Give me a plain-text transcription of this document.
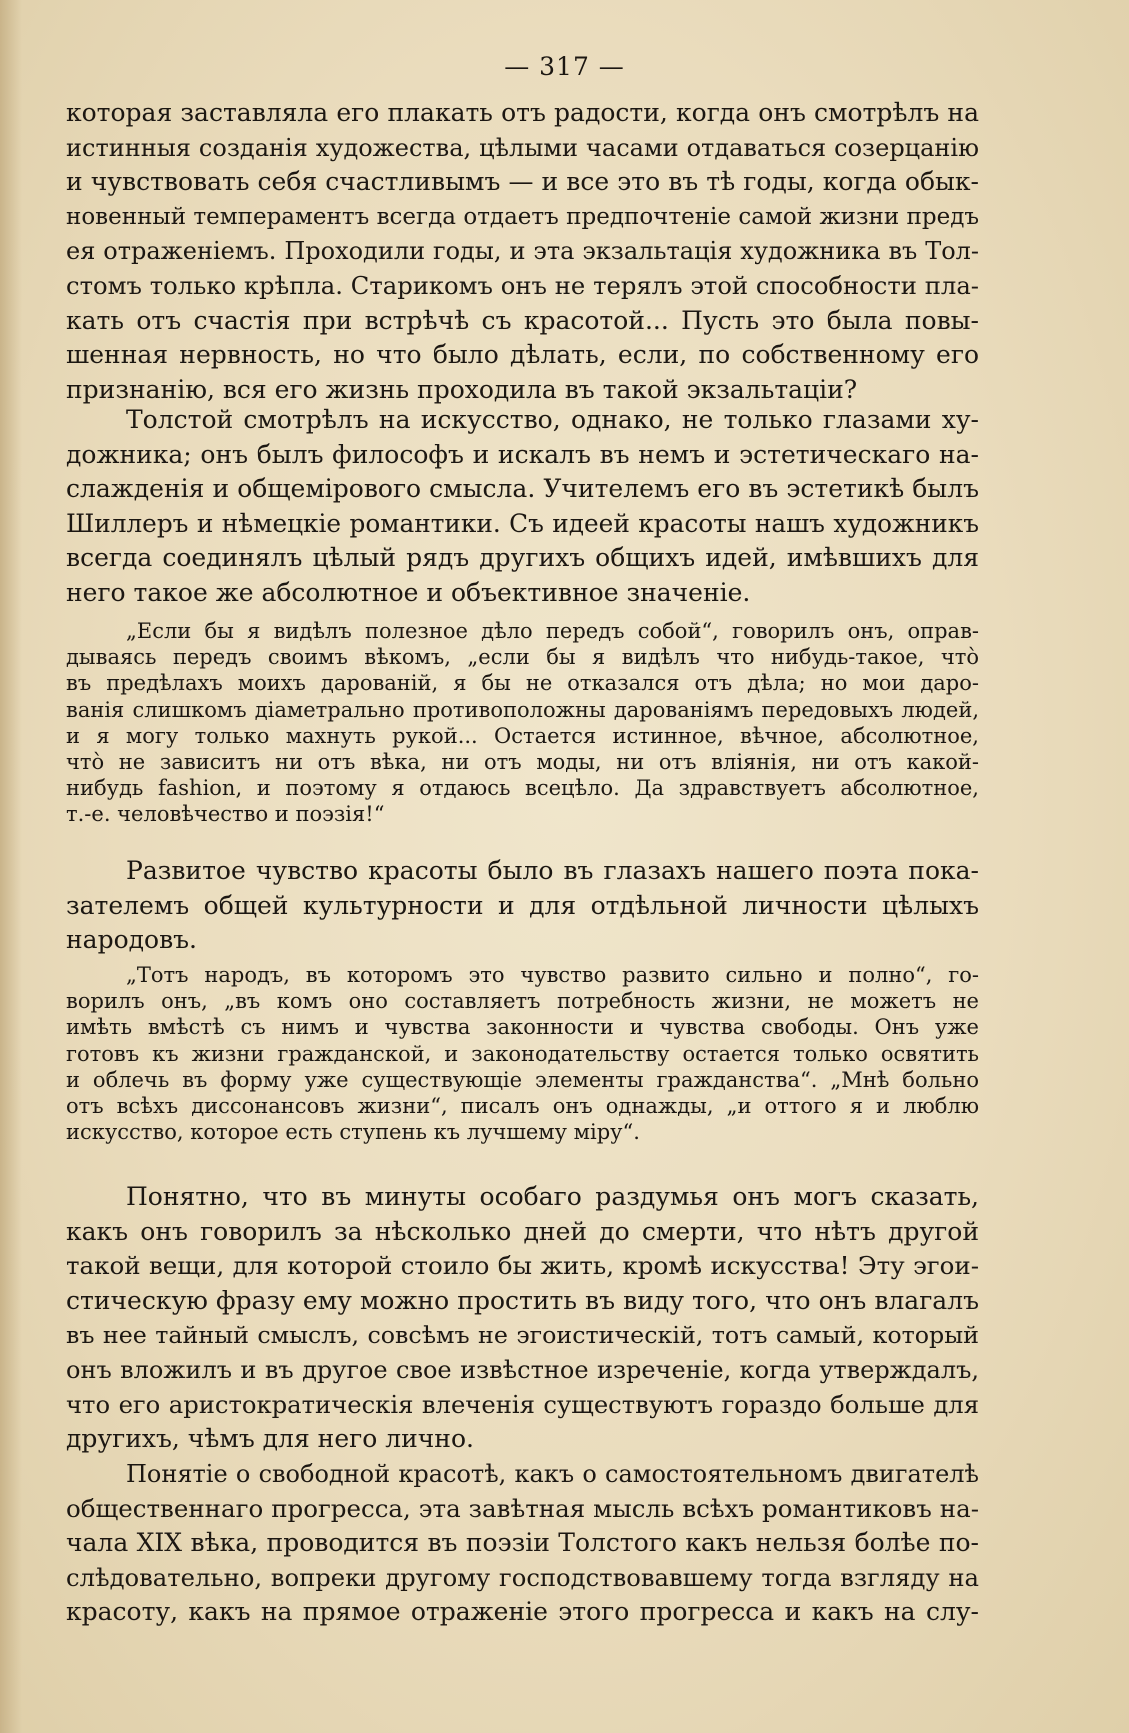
— 317 —

которая заставляла его плакать отъ радости, когда онъ смотрѣлъ на
истинныя созданія художества, цѣлыми часами отдаваться созерцанію
и чувствовать себя счастливымъ — и все это въ тѣ годы, когда обык-
новенный темпераментъ всегда отдаетъ предпочтеніе самой жизни предъ
ея отраженіемъ. Проходили годы, и эта экзальтація художника въ Тол-
стомъ только крѣпла. Старикомъ онъ не терялъ этой способности пла-
кать отъ счастія при встрѣчѣ съ красотой... Пусть это была повы-
шенная нервность, но что было дѣлать, если, по собственному его
признанію, вся его жизнь проходила въ такой экзальтаціи?

Толстой смотрѣлъ на искусство, однако, не только глазами ху-
дожника; онъ былъ философъ и искалъ въ немъ и эстетическаго на-
слажденія и общемірового смысла. Учителемъ его въ эстетикѣ былъ
Шиллеръ и нѣмецкіе романтики. Съ идеей красоты нашъ художникъ
всегда соединялъ цѣлый рядъ другихъ общихъ идей, имѣвшихъ для
него такое же абсолютное и объективное значеніе.

„Если бы я видѣлъ полезное дѣло передъ собой“, говорилъ онъ, оправ-
дываясь передъ своимъ вѣкомъ, „если бы я видѣлъ что нибудь-такое, чтò
въ предѣлахъ моихъ дарованій, я бы не отказался отъ дѣла; но мои даро-
ванія слишкомъ діаметрально противоположны дарованіямъ передовыхъ людей,
и я могу только махнуть рукой... Остается истинное, вѣчное, абсолютное,
чтò не зависитъ ни отъ вѣка, ни отъ моды, ни отъ вліянія, ни отъ какой-
нибудь fashion, и поэтому я отдаюсь всецѣло. Да здравствуетъ абсолютное,
т.-е. человѣчество и поэзія!“

Развитое чувство красоты было въ глазахъ нашего поэта пока-
зателемъ общей культурности и для отдѣльной личности цѣлыхъ
народовъ.

„Тотъ народъ, въ которомъ это чувство развито сильно и полно“, го-
ворилъ онъ, „въ комъ оно составляетъ потребность жизни, не можетъ не
имѣть вмѣстѣ съ нимъ и чувства законности и чувства свободы. Онъ уже
готовъ къ жизни гражданской, и законодательству остается только освятить
и облечь въ форму уже существующіе элементы гражданства“. „Мнѣ больно
отъ всѣхъ диссонансовъ жизни“, писалъ онъ однажды, „и оттого я и люблю
искусство, которое есть ступень къ лучшему міру“.

Понятно, что въ минуты особаго раздумья онъ могъ сказать,
какъ онъ говорилъ за нѣсколько дней до смерти, что нѣтъ другой
такой вещи, для которой стоило бы жить, кромѣ искусства! Эту эгои-
стическую фразу ему можно простить въ виду того, что онъ влагалъ
въ нее тайный смыслъ, совсѣмъ не эгоистическій, тотъ самый, который
онъ вложилъ и въ другое свое извѣстное изреченіе, когда утверждалъ,
что его аристократическія влеченія существуютъ гораздо больше для
другихъ, чѣмъ для него лично.

Понятіе о свободной красотѣ, какъ о самостоятельномъ двигателѣ
общественнаго прогресса, эта завѣтная мысль всѣхъ романтиковъ на-
чала XIX вѣка, проводится въ поэзіи Толстого какъ нельзя болѣе по-
слѣдовательно, вопреки другому господствовавшему тогда взгляду на
красоту, какъ на прямое отраженіе этого прогресса и какъ на слу-
